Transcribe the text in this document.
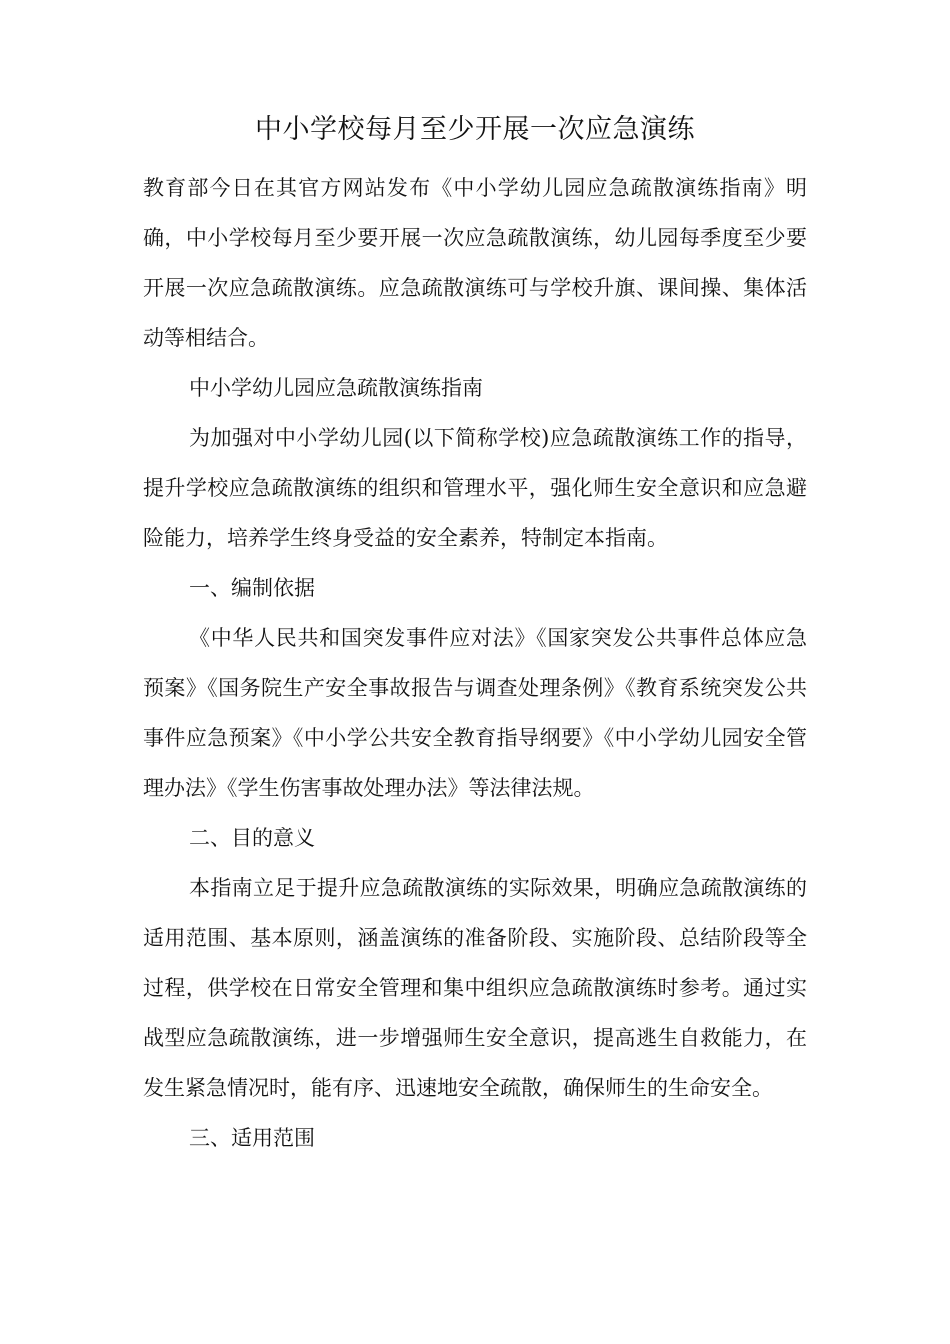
中小学校每月至少开展一次应急演练

教育部今日在其官方网站发布《中小学幼儿园应急疏散演练指南》明确，中小学校每月至少要开展一次应急疏散演练，幼儿园每季度至少要开展一次应急疏散演练。应急疏散演练可与学校升旗、课间操、集体活动等相结合。

中小学幼儿园应急疏散演练指南

为加强对中小学幼儿园(以下简称学校)应急疏散演练工作的指导，提升学校应急疏散演练的组织和管理水平，强化师生安全意识和应急避险能力，培养学生终身受益的安全素养，特制定本指南。

一、编制依据

《中华人民共和国突发事件应对法》《国家突发公共事件总体应急预案》《国务院生产安全事故报告与调查处理条例》《教育系统突发公共事件应急预案》《中小学公共安全教育指导纲要》《中小学幼儿园安全管理办法》《学生伤害事故处理办法》等法律法规。

二、目的意义

本指南立足于提升应急疏散演练的实际效果，明确应急疏散演练的适用范围、基本原则，涵盖演练的准备阶段、实施阶段、总结阶段等全过程，供学校在日常安全管理和集中组织应急疏散演练时参考。通过实战型应急疏散演练，进一步增强师生安全意识，提高逃生自救能力，在发生紧急情况时，能有序、迅速地安全疏散，确保师生的生命安全。

三、适用范围
